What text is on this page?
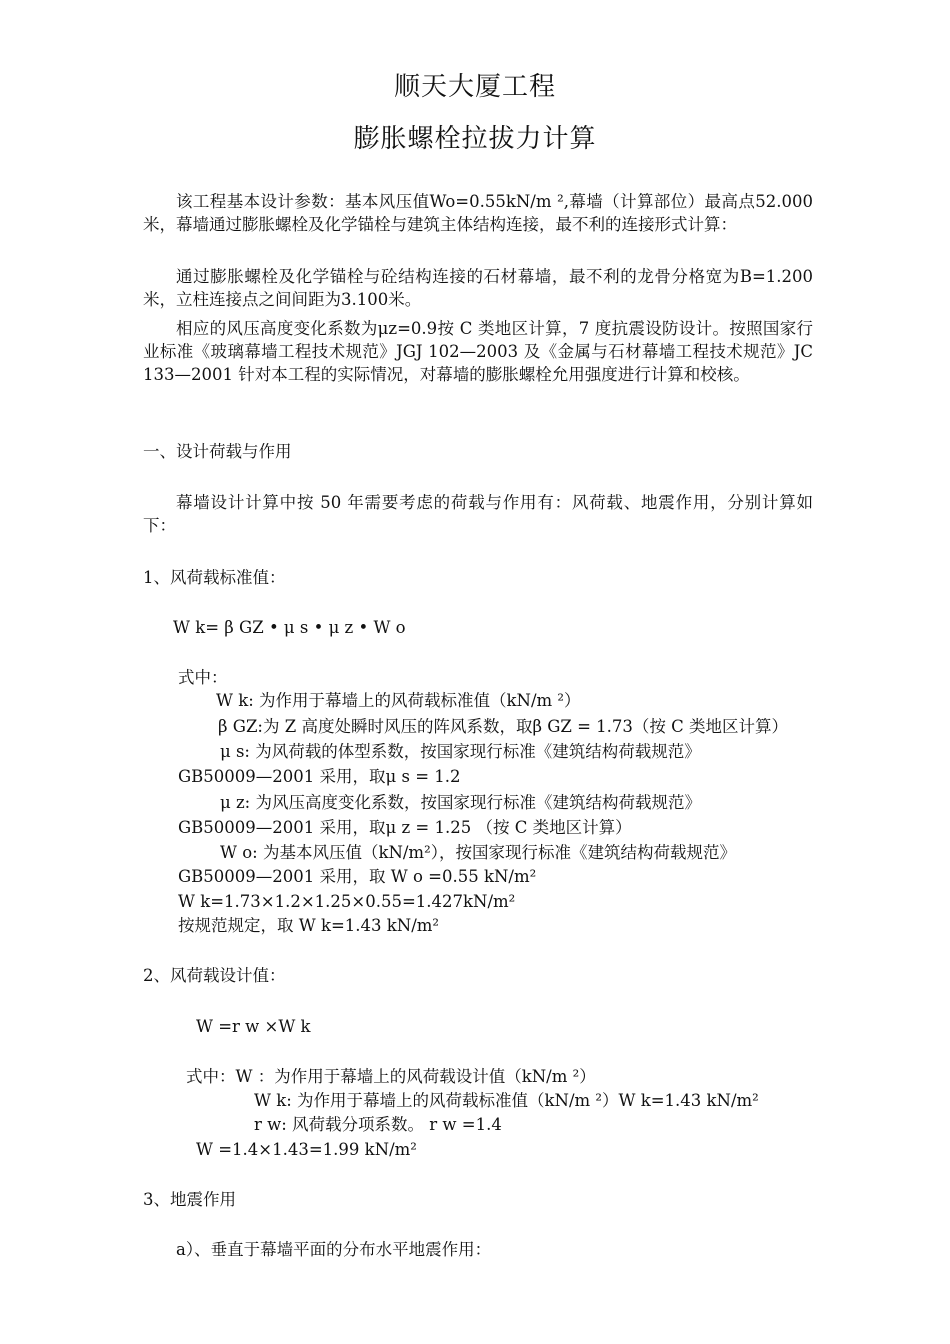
顺天大厦工程
膨胀螺栓拉拔力计算
该工程基本设计参数：基本风压值Wo=0.55kN/m ²,幕墙（计算部位）最高点52.000米，幕墙通过膨胀螺栓及化学锚栓与建筑主体结构连接，最不利的连接形式计算：
通过膨胀螺栓及化学锚栓与砼结构连接的石材幕墙，最不利的龙骨分格宽为B=1.200米，立柱连接点之间间距为3.100米。
相应的风压高度变化系数为μz=0.9按 C 类地区计算，7 度抗震设防设计。按照国家行业标准《玻璃幕墙工程技术规范》JGJ 102—2003 及《金属与石材幕墙工程技术规范》JC 133—2001 针对本工程的实际情况，对幕墙的膨胀螺栓允用强度进行计算和校核。
一、设计荷载与作用
幕墙设计计算中按 50 年需要考虑的荷载与作用有：风荷载、地震作用，分别计算如下：
1、风荷载标准值：
W k= β GZ • μ s • μ z • W o
式中：
W k: 为作用于幕墙上的风荷载标准值（kN/m ²）
β GZ:为 Z 高度处瞬时风压的阵风系数，取β GZ = 1.73（按 C 类地区计算）
μ s: 为风荷载的体型系数，按国家现行标准《建筑结构荷载规范》
GB50009—2001 采用，取μ s = 1.2
μ z: 为风压高度变化系数，按国家现行标准《建筑结构荷载规范》
GB50009—2001 采用，取μ z = 1.25 （按 C 类地区计算）
W o: 为基本风压值（kN/m²），按国家现行标准《建筑结构荷载规范》
GB50009—2001 采用，取 W o =0.55 kN/m²
W k=1.73×1.2×1.25×0.55=1.427kN/m²
按规范规定，取 W k=1.43 kN/m²
2、风荷载设计值：
W =r w ×W k
式中：W ：为作用于幕墙上的风荷载设计值（kN/m ²）
W k: 为作用于幕墙上的风荷载标准值（kN/m ²）W k=1.43 kN/m²
r w: 风荷载分项系数。 r w =1.4
W =1.4×1.43=1.99 kN/m²
3、地震作用
a）、垂直于幕墙平面的分布水平地震作用：
